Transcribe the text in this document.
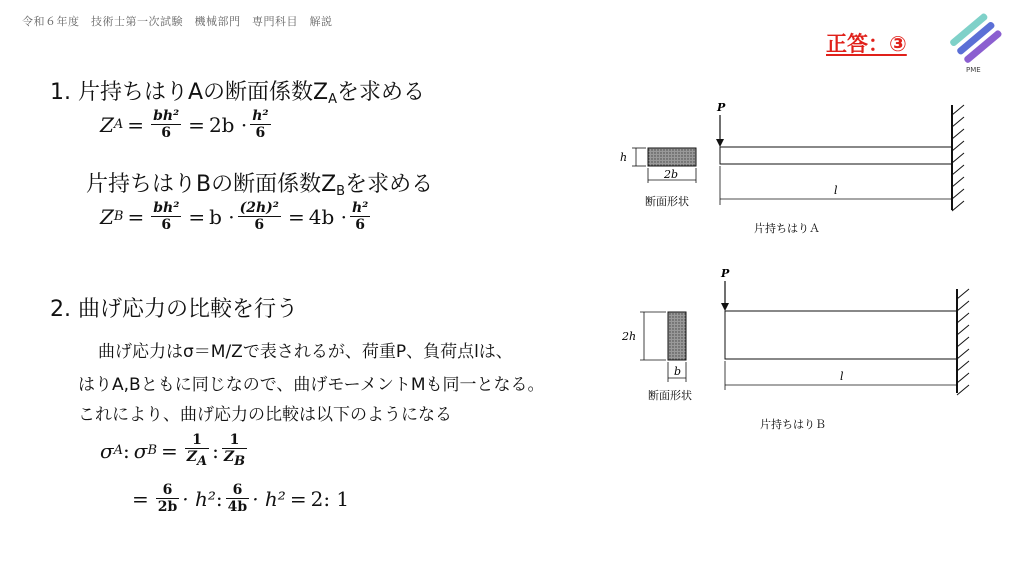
令和６年度　技術士第一次試験　機械部門　専門科目　解説
正答：③
PME
1. 片持ちはりAの断面係数$Z_A$を求める
Z $A = \frac{\text{bh²}}{6} = 2b \cdot \frac{\text{h²}}{6}$
片持ちはりBの断面係数$Z_B$を求める
Z $B = \frac{\text{bh²}}{6} = b \cdot \frac{\text{(2h)²}}{6} = 4b \cdot \frac{\text{h²}}{6}$
2. 曲げ応力の比較を行う
曲げ応力はσ＝M/Zで表されるが、荷重P、負荷点lは、
はりA,Bともに同じなので、曲げモーメントMも同一となる。
これにより、曲げ応力の比較は以下のようになる
σ A : σ $B = \frac{1}{ZA}$ : $\frac{1}{ZB}$
= $\frac{6}{2b} \cdot h^2$ : $\frac{6}{4b} \cdot h^2 = 2$: 1
h
2b
断面形状
P
l
片持ちはりＡ
2h
b
断面形状
P
l
片持ちはりＢ
